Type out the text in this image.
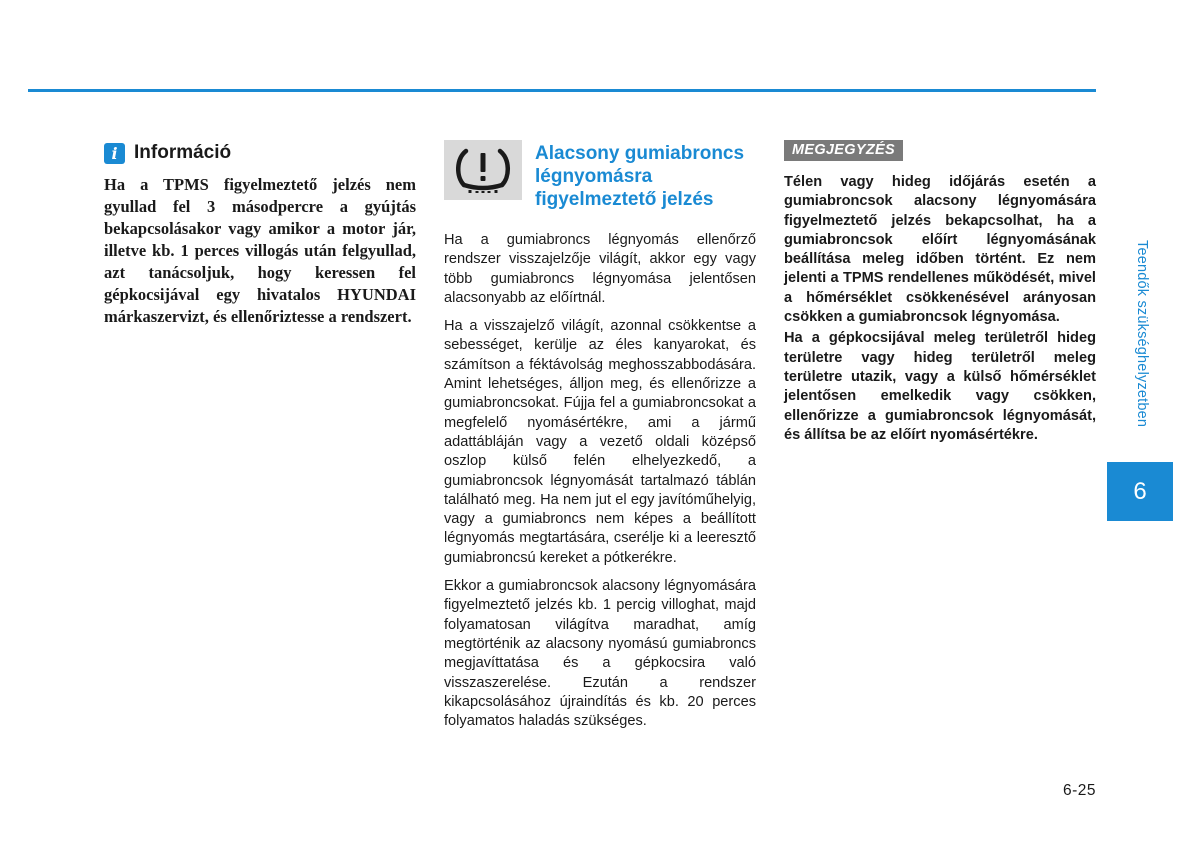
i Információ

Ha a TPMS figyelmeztető jelzés nem gyullad fel 3 másodpercre a gyújtás bekapcsolásakor vagy amikor a motor jár, illetve kb. 1 perces villogás után felgyullad, azt tanácsoljuk, hogy keressen fel gépkocsijával egy hivatalos HYUNDAI márkaszervizt, és ellenőriztesse a rendszert.

Alacsony gumiabroncs légnyomásra figyelmeztető jelzés

Ha a gumiabroncs légnyomás ellenőrző rendszer visszajelzője világít, akkor egy vagy több gumiabroncs légnyomása jelentősen alacsonyabb az előírtnál.

Ha a visszajelző világít, azonnal csökkentse a sebességet, kerülje az éles kanyarokat, és számítson a féktávolság meghosszabbodására. Amint lehetséges, álljon meg, és ellenőrizze a gumiabroncsokat. Fújja fel a gumiabroncsokat a megfelelő nyomásértékre, ami a jármű adattábláján vagy a vezető oldali középső oszlop külső felén elhelyezkedő, a gumiabroncsok légnyomását tartalmazó táblán található meg. Ha nem jut el egy javítóműhelyig, vagy a gumiabroncs nem képes a beállított légnyomás megtartására, cserélje ki a leeresztő gumiabroncsú kereket a pótkerékre.

Ekkor a gumiabroncsok alacsony légnyomására figyelmeztető jelzés kb. 1 percig villoghat, majd folyamatosan világítva maradhat, amíg megtörténik az alacsony nyomású gumiabroncs megjavíttatása és a gépkocsira való visszaszerelése. Ezután a rendszer kikapcsolásához újraindítás és kb. 20 perces folyamatos haladás szükséges.

MEGJEGYZÉS

Télen vagy hideg időjárás esetén a gumiabroncsok alacsony légnyomására figyelmeztető jelzés bekapcsolhat, ha a gumiabroncsok előírt légnyomásának beállítása meleg időben történt. Ez nem jelenti a TPMS rendellenes működését, mivel a hőmérséklet csökkenésével arányosan csökken a gumiabroncsok légnyomása.

Ha a gépkocsijával meleg területről hideg területre vagy hideg területről meleg területre utazik, vagy a külső hőmérséklet jelentősen emelkedik vagy csökken, ellenőrizze a gumiabroncsok légnyomását, és állítsa be az előírt nyomásértékre.

Teendők szükséghelyzetben
6
6-25
